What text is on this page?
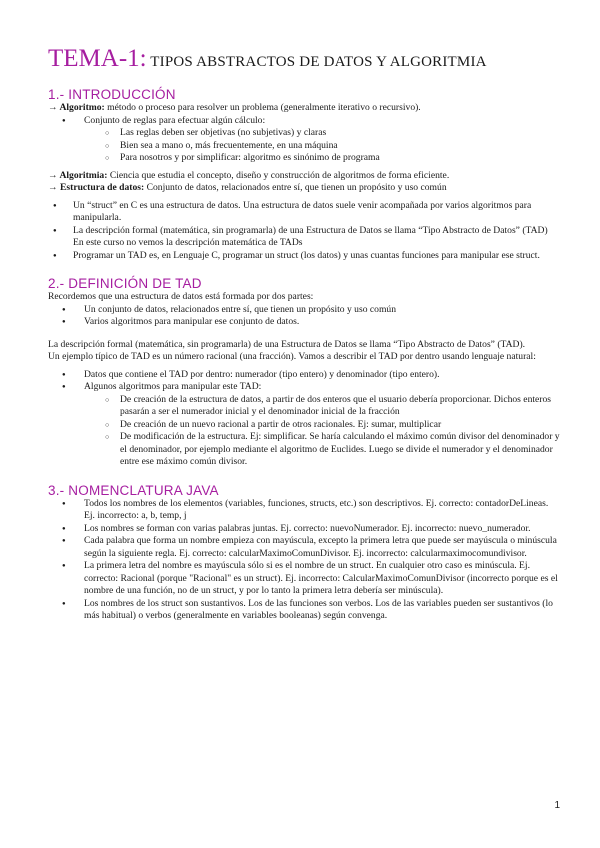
TEMA-1: TIPOS ABSTRACTOS DE DATOS Y ALGORITMIA
1.- INTRODUCCIÓN

→ Algoritmo: método o proceso para resolver un problema (generalmente iterativo o recursivo).

● Conjunto de reglas para efectuar algún cálculo:
○ Las reglas deben ser objetivas (no subjetivas) y claras
○ Bien sea a mano o, más frecuentemente, en una máquina
○ Para nosotros y por simplificar: algoritmo es sinónimo de programa

→ Algoritmia: Ciencia que estudia el concepto, diseño y construcción de algoritmos de forma eficiente.

→ Estructura de datos: Conjunto de datos, relacionados entre sí, que tienen un propósito y uso común

● Un “struct” en C es una estructura de datos. Una estructura de datos suele venir acompañada por varios algoritmos para manipularla.
● La descripción formal (matemática, sin programarla) de una Estructura de Datos se llama “Tipo Abstracto de Datos” (TAD) En este curso no vemos la descripción matemática de TADs
● Programar un TAD es, en Lenguaje C, programar un struct (los datos) y unas cuantas funciones para manipular ese struct.
2.- DEFINICIÓN DE TAD

Recordemos que una estructura de datos está formada por dos partes:

● Un conjunto de datos, relacionados entre sí, que tienen un propósito y uso común
● Varios algoritmos para manipular ese conjunto de datos.

La descripción formal (matemática, sin programarla) de una Estructura de Datos se llama “Tipo Abstracto de Datos” (TAD).

Un ejemplo típico de TAD es un número racional (una fracción). Vamos a describir el TAD por dentro usando lenguaje natural:

● Datos que contiene el TAD por dentro: numerador (tipo entero) y denominador (tipo entero).
● Algunos algoritmos para manipular este TAD:
○ De creación de la estructura de datos, a partir de dos enteros que el usuario debería proporcionar. Dichos enteros pasarán a ser el numerador inicial y el denominador inicial de la fracción
○ De creación de un nuevo racional a partir de otros racionales. Ej: sumar, multiplicar
○ De modificación de la estructura. Ej: simplificar. Se haría calculando el máximo común divisor del denominador y el denominador, por ejemplo mediante el algoritmo de Euclides. Luego se divide el numerador y el denominador entre ese máximo común divisor.
3.- NOMENCLATURA JAVA
● Todos los nombres de los elementos (variables, funciones, structs, etc.) son descriptivos. Ej. correcto: contadorDeLineas. Ej. incorrecto: a, b, temp, j
● Los nombres se forman con varias palabras juntas. Ej. correcto: nuevoNumerador. Ej. incorrecto: nuevo_numerador.
● Cada palabra que forma un nombre empieza con mayúscula, excepto la primera letra que puede ser mayúscula o minúscula según la siguiente regla. Ej. correcto: calcularMaximoComunDivisor. Ej. incorrecto: calcularmaximocomundivisor.
● La primera letra del nombre es mayúscula sólo si es el nombre de un struct. En cualquier otro caso es minúscula. Ej. correcto: Racional (porque "Racional" es un struct). Ej. incorrecto: CalcularMaximoComunDivisor (incorrecto porque es el nombre de una función, no de un struct, y por lo tanto la primera letra debería ser minúscula).
● Los nombres de los struct son sustantivos. Los de las funciones son verbos. Los de las variables pueden ser sustantivos (lo más habitual) o verbos (generalmente en variables booleanas) según convenga.
1
